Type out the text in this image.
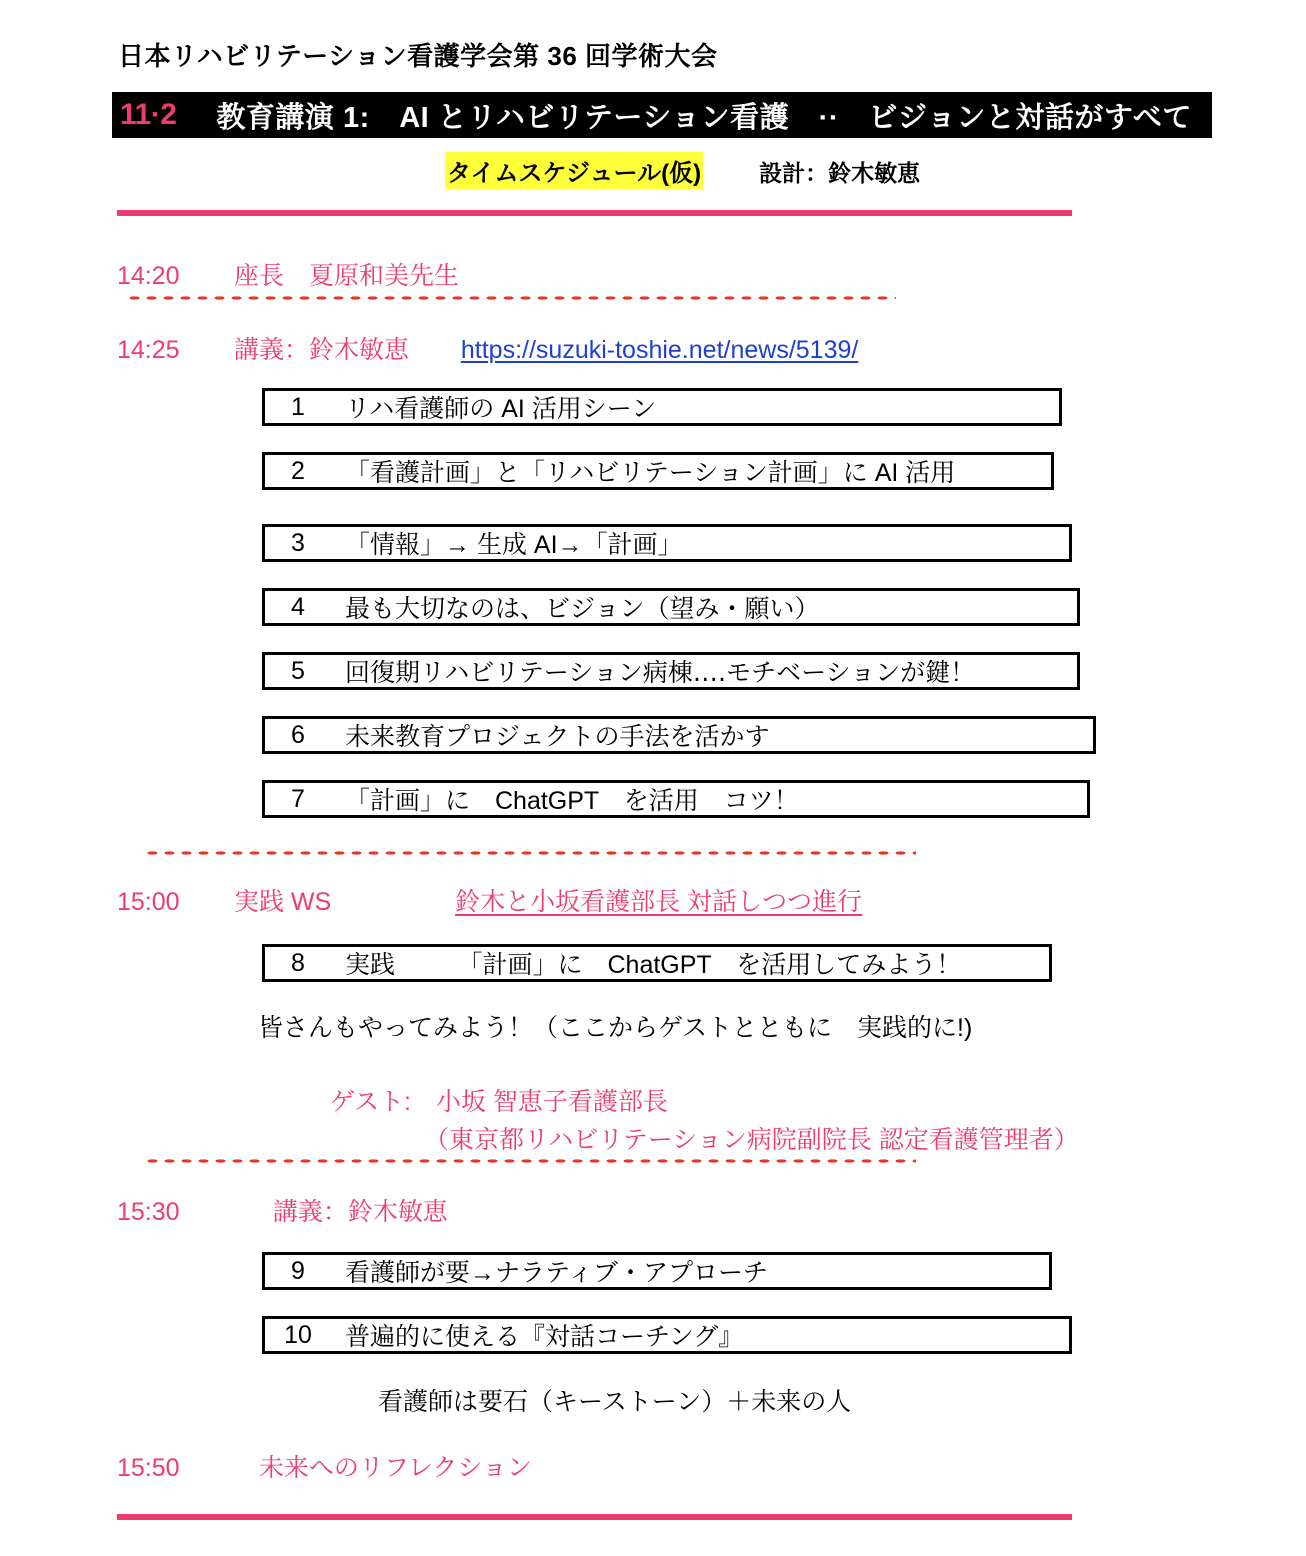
日本リハビリテーション看護学会第 36 回学術大会
11·2 教育講演 1:　AI とリハビリテーション看護　··　ビジョンと対話がすべて
タイムスケジュール(仮)	設計：鈴木敏恵
14:20 座長　夏原和美先生
14:25 講義：鈴木敏恵 https://suzuki-toshie.net/news/5139/
1	リハ看護師の AI 活用シーン
2	「看護計画」と「リハビリテーション計画」に AI 活用
3	「情報」→ 生成 AI→「計画」
4	最も大切なのは、ビジョン（望み・願い）
5	回復期リハビリテーション病棟‥‥モチベーションが鍵！
6	未来教育プロジェクトの手法を活かす
7	「計画」に　ChatGPT　を活用　コツ！
15:00 実践 WS	鈴木と小坂看護部長 対話しつつ進行
8	実践　　　「計画」に　ChatGPT　を活用してみよう！
皆さんもやってみよう！（ここからゲストとともに　実践的に!)
ゲスト:　小坂 智恵子看護部長
（東京都リハビリテーション病院副院長 認定看護管理者）
15:30	講義：鈴木敏恵
9	看護師が要→ナラティブ・アプローチ
10	普遍的に使える『対話コーチング』
看護師は要石（キーストーン）＋未来の人
15:50	未来へのリフレクション
